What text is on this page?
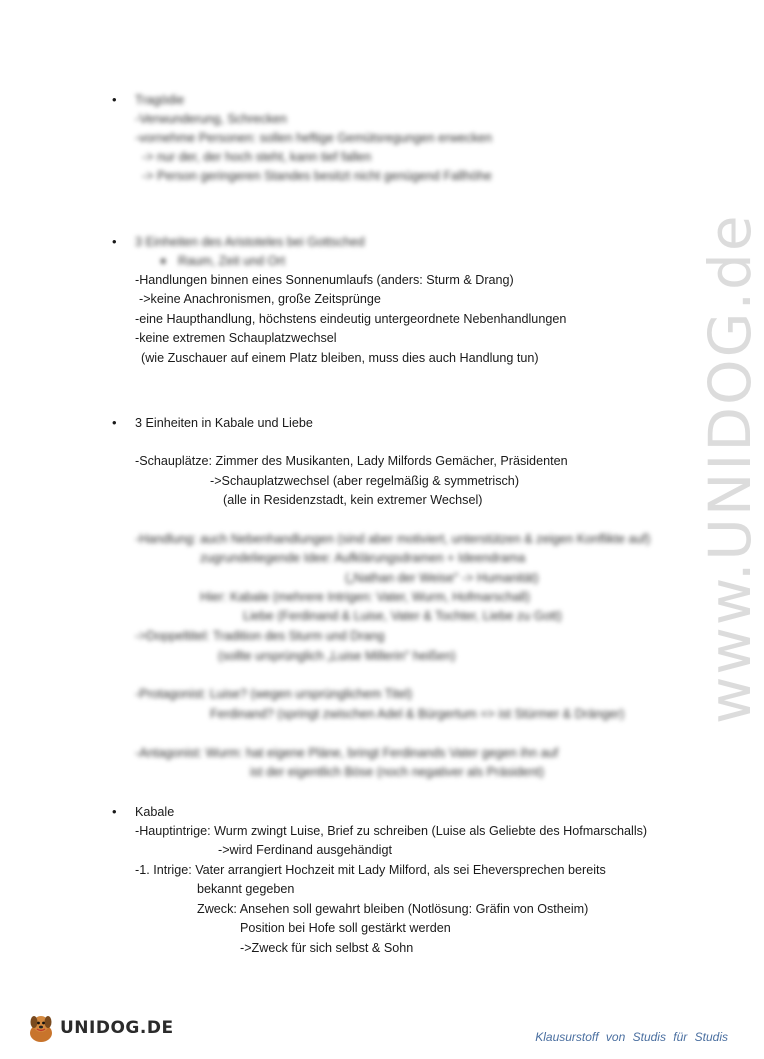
www.UNIDOG.de
• Tragödie
-Verwunderung, Schrecken
-vornehme Personen: sollen heftige Gemütsregungen erwecken
-> nur der, der hoch steht, kann tief fallen
-> Person geringeren Standes besitzt nicht genügend Fallhöhe
• 3 Einheiten des Aristoteles bei Gottsched
➧ Raum, Zeit und Ort
-Handlungen binnen eines Sonnenumlaufs (anders: Sturm & Drang)
->keine Anachronismen, große Zeitsprünge
-eine Haupthandlung, höchstens eindeutig untergeordnete Nebenhandlungen
-keine extremen Schauplatzwechsel
(wie Zuschauer auf einem Platz bleiben, muss dies auch Handlung tun)
• 3 Einheiten in Kabale und Liebe
-Schauplätze: Zimmer des Musikanten, Lady Milfords Gemächer, Präsidenten
->Schauplatzwechsel (aber regelmäßig & symmetrisch)
(alle in Residenzstadt, kein extremer Wechsel)
-Handlung: auch Nebenhandlungen (sind aber motiviert, unterstützen & zeigen Konflikte auf)
zugrundeliegende Idee: Aufklärungsdramen + Ideendrama
(„Nathan der Weise" -> Humanität)
Hier: Kabale (mehrere Intrigen: Vater, Wurm, Hofmarschall)
Liebe (Ferdinand & Luise, Vater & Tochter, Liebe zu Gott)
->Doppeltitel: Tradition des Sturm und Drang
(sollte ursprünglich „Luise Millerin" heißen)
-Protagonist: Luise? (wegen ursprünglichem Titel)
Ferdinand? (springt zwischen Adel & Bürgertum => ist Stürmer & Dränger)
-Antagonist: Wurm: hat eigene Pläne, bringt Ferdinands Vater gegen ihn auf
ist der eigentlich Böse (noch negativer als Präsident)
• Kabale
-Hauptintrige: Wurm zwingt Luise, Brief zu schreiben (Luise als Geliebte des Hofmarschalls)
->wird Ferdinand ausgehändigt
-1. Intrige: Vater arrangiert Hochzeit mit Lady Milford, als sei Eheversprechen bereits
bekannt gegeben
Zweck: Ansehen soll gewahrt bleiben (Notlösung: Gräfin von Ostheim)
Position bei Hofe soll gestärkt werden
->Zweck für sich selbst & Sohn
UNIDOG.DE	Klausurstoff von Studis für Studis
